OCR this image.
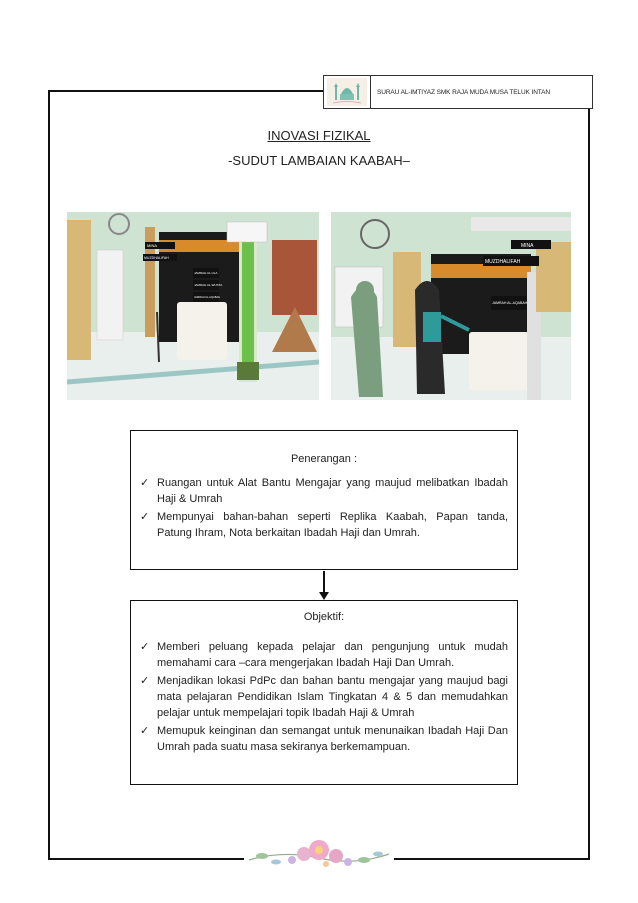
SURAU AL-IMTIYAZ SMK RAJA MUDA MUSA TELUK INTAN
INOVASI FIZIKAL
-SUDUT LAMBAIAN KAABAH–
MINA
MUZDHALIFAH
JAMRAH AL-ULA
JAMRAH AL-WUSTA
JAMRAH AL-AQABAH
MINA
MUZDHALIFAH
JAMRAH AL-AQABAH
Penerangan :
✓ Ruangan untuk Alat Bantu Mengajar yang maujud melibatkan Ibadah Haji & Umrah
✓ Mempunyai bahan-bahan seperti Replika Kaabah, Papan tanda, Patung Ihram, Nota berkaitan Ibadah Haji dan Umrah.
Objektif:
✓ Memberi peluang kepada pelajar dan pengunjung untuk mudah memahami cara –cara mengerjakan Ibadah Haji Dan Umrah.
✓ Menjadikan lokasi PdPc dan bahan bantu mengajar yang maujud bagi mata pelajaran Pendidikan Islam Tingkatan 4 & 5 dan memudahkan pelajar untuk mempelajari topik Ibadah Haji & Umrah
✓ Memupuk keinginan dan semangat untuk menunaikan Ibadah Haji Dan Umrah pada suatu masa sekiranya berkemampuan.
